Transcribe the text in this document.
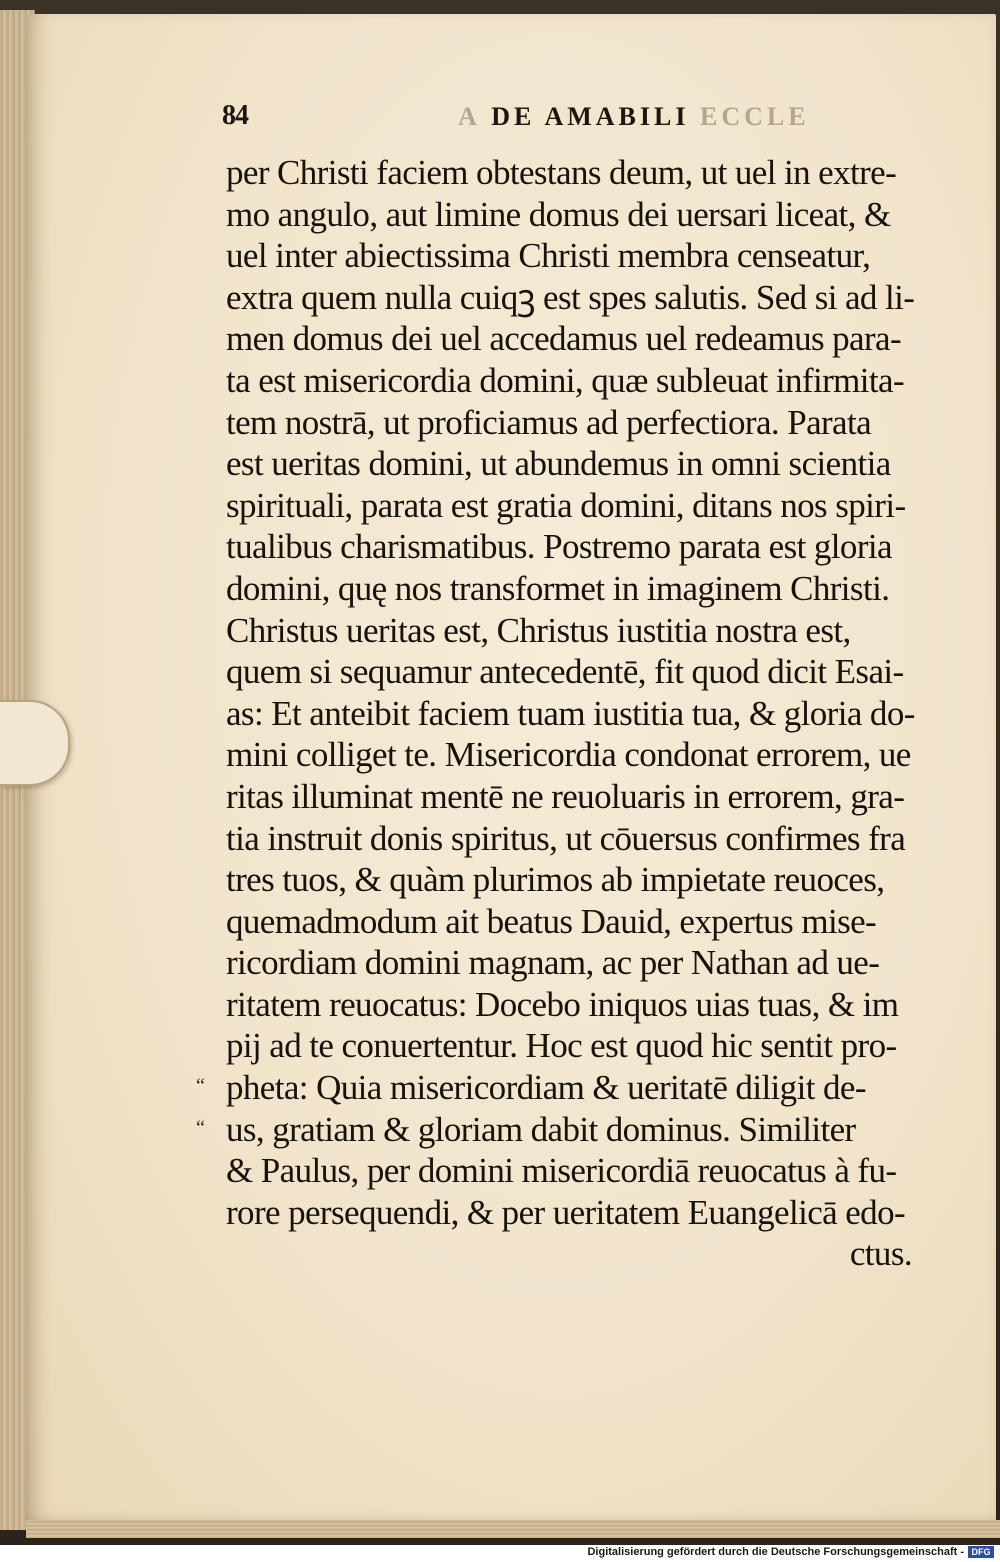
84	A DE AMABILI ECCLE
“
“
per Christi faciem obtestans deum, ut uel in extre-
mo angulo, aut limine domus dei uersari liceat, &
uel inter abiectissima Christi membra censeatur,
extra quem nulla cuiqꝫ est spes salutis. Sed si ad li-
men domus dei uel accedamus uel redeamus para-
ta est misericordia domini, quæ subleuat infirmita-
tem nostrā, ut proficiamus ad perfectiora. Parata
est ueritas domini, ut abundemus in omni scientia
spirituali, parata est gratia domini, ditans nos spiri-
tualibus charismatibus. Postremo parata est gloria
domini, quę nos transformet in imaginem Christi.
Christus ueritas est, Christus iustitia nostra est,
quem si sequamur antecedentē, fit quod dicit Esai-
as: Et anteibit faciem tuam iustitia tua, & gloria do-
mini colliget te. Misericordia condonat errorem, ue
ritas illuminat mentē ne reuoluaris in errorem, gra-
tia instruit donis spiritus, ut cōuersus confirmes fra
tres tuos, & quàm plurimos ab impietate reuoces,
quemadmodum ait beatus Dauid, expertus mise-
ricordiam domini magnam, ac per Nathan ad ue-
ritatem reuocatus: Docebo iniquos uias tuas, & im
pij ad te conuertentur. Hoc est quod hic sentit pro-
pheta: Quia misericordiam & ueritatē diligit de-
us, gratiam & gloriam dabit dominus. Similiter
& Paulus, per domini misericordiā reuocatus à fu-
rore persequendi, & per ueritatem Euangelicā edo-
ctus.
Digitalisierung gefördert durch die Deutsche Forschungsgemeinschaft - DFG
